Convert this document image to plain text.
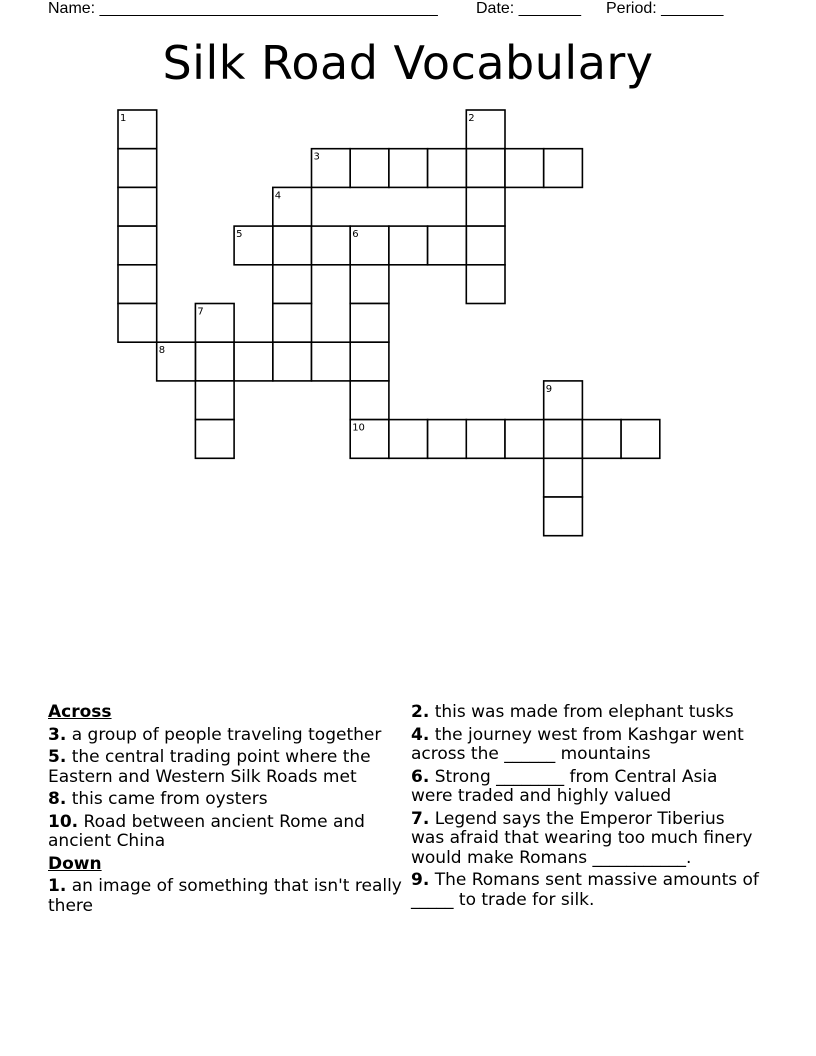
Name: ______________________________________ Date: _______ Period: _______
Silk Road Vocabulary
1	2
3
4
5	6
7
8
9
10
Across
3. a group of people traveling together
5. the central trading point where the Eastern and Western Silk Roads met
8. this came from oysters
10. Road between ancient Rome and ancient China
Down
1. an image of something that isn't really there
2. this was made from elephant tusks
4. the journey west from Kashgar went across the ______ mountains
6. Strong ________ from Central Asia were traded and highly valued
7. Legend says the Emperor Tiberius was afraid that wearing too much finery would make Romans ___________.
9. The Romans sent massive amounts of _____ to trade for silk.
